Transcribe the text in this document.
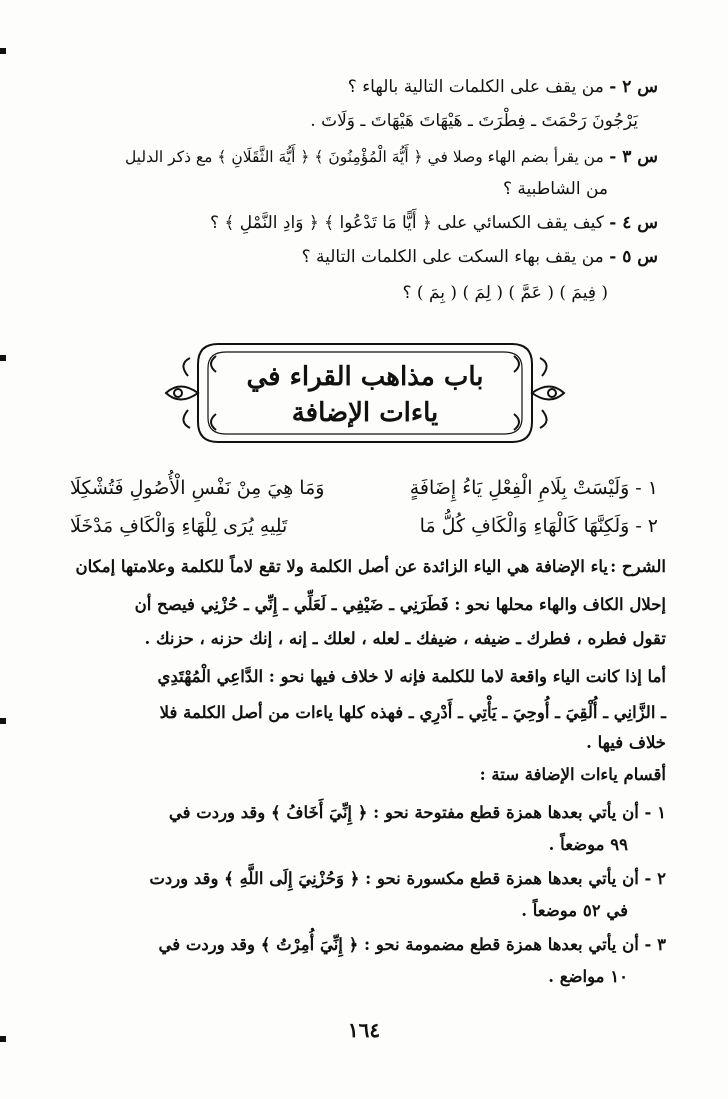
س ٢ - من يقف على الكلمات التالية بالهاء ؟
يَرْجُونَ رَحْمَتَ ـ فِطْرَتَ ـ هَيْهَاتَ هَيْهَاتَ ـ وَلَاتَ .
س ٣ - من يقرأ بضم الهاء وصلا في ﴿ أَيُّهَ الْمُؤْمِنُونَ ﴾ ﴿ أَيُّهَ الثَّقَلَانِ ﴾ مع ذكر الدليل
من الشاطبية ؟
س ٤ - كيف يقف الكسائي على ﴿ أَيًّا مَا تَدْعُوا ﴾ ﴿ وَادِ النَّمْلِ ﴾ ؟
س ٥ - من يقف بهاء السكت على الكلمات التالية ؟
( فِيمَ ) ( عَمَّ ) ( لِمَ ) ( بِمَ ) ؟
باب مذاهب القراء في
ياءات الإضافة
١ - وَلَيْسَتْ بِلَامِ الْفِعْلِ يَاءُ إِضَافَةٍ
وَمَا هِيَ مِنْ نَفْسِ الْأُصُولِ فَتُشْكِلَا
٢ - وَلَكِنَّهَا كَالْهَاءِ وَالْكَافِ كُلُّ مَا
تَلِيهِ يُرَى لِلْهَاءِ وَالْكَافِ مَدْخَلَا
الشرح :
ياء الإضافة هي الياء الزائدة عن أصل الكلمة ولا تقع لاماً للكلمة وعلامتها إمكان
إحلال الكاف والهاء محلها نحو : فَطَرَنِي ـ ضَيْفِي ـ لَعَلِّي ـ إِنِّي ـ حُزْنِي فيصح أن
تقول فطره ، فطرك ـ ضيفه ، ضيفك ـ لعله ، لعلك ـ إنه ، إنك حزنه ، حزنك .
أما إذا كانت الياء واقعة لاما للكلمة فإنه لا خلاف فيها نحو : الدَّاعِي الْمُهْتَدِي
ـ الزَّانِي ـ أُلْقِيَ ـ أُوحِيَ ـ يَأْتِي ـ أَدْرِي ـ فهذه كلها ياءات من أصل الكلمة فلا
خلاف فيها .
أقسام ياءات الإضافة ستة :
١ - أن يأتي بعدها همزة قطع مفتوحة نحو : ﴿ إِنِّيَ أَخَافُ ﴾ وقد وردت في
٩٩ موضعاً .
٢ - أن يأتي بعدها همزة قطع مكسورة نحو : ﴿ وَحُزْنِيَ إِلَى اللَّهِ ﴾ وقد وردت
في ٥٢ موضعاً .
٣ - أن يأتي بعدها همزة قطع مضمومة نحو : ﴿ إِنِّيَ أُمِرْتُ ﴾ وقد وردت في
١٠ مواضع .
١٦٤
